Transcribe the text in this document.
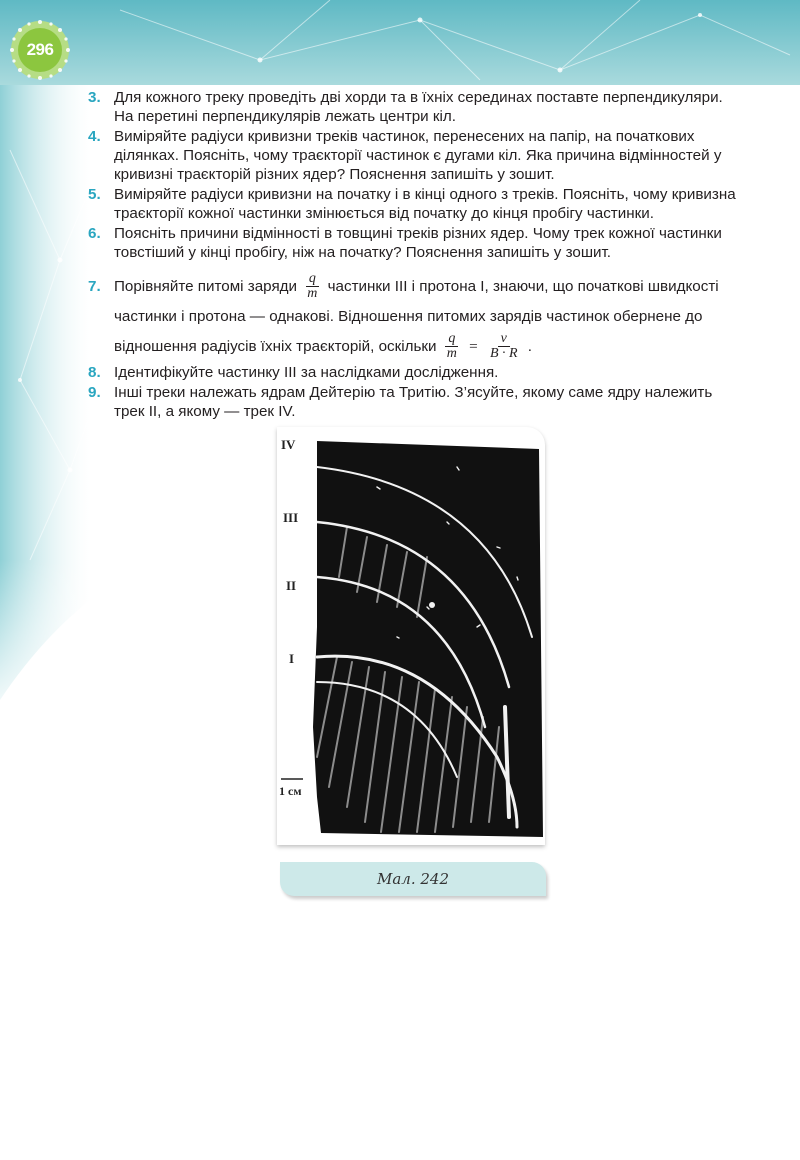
296
3. Для кожного треку проведіть дві хорди та в їхніх серединах поставте перпендикуляри. На перетині перпендикулярів лежать центри кіл.
4. Виміряйте радіуси кривизни треків частинок, перенесених на папір, на початкових ділянках. Поясніть, чому траєкторії частинок є дугами кіл. Яка причина відмінностей у кривизні траєкторій різних ядер? Пояснення запишіть у зошит.
5. Виміряйте радіуси кривизни на початку і в кінці одного з треків. Поясніть, чому кривизна траєкторії кожної частинки змінюється від початку до кінця пробігу частинки.
6. Поясніть причини відмінності в товщині треків різних ядер. Чому трек кожної частинки товстіший у кінці пробігу, ніж на початку? Пояснення запишіть у зошит.
7. Порівняйте питомі заряди $\frac{q}{m}$ частинки III і протона I, знаючи, що початкові швидкості частинки і протона — однакові. Відношення питомих зарядів частинок обернене до відношення радіусів їхніх траєкторій, оскільки $\frac{q}{m} = \frac{v}{B \cdot R}$ .
8. Ідентифікуйте частинку III за наслідками дослідження.
9. Інші треки належать ядрам Дейтерію та Тритію. З’ясуйте, якому саме ядру належить трек II, а якому — трек IV.
IV
III
II
I
1 см
Мал. 242
